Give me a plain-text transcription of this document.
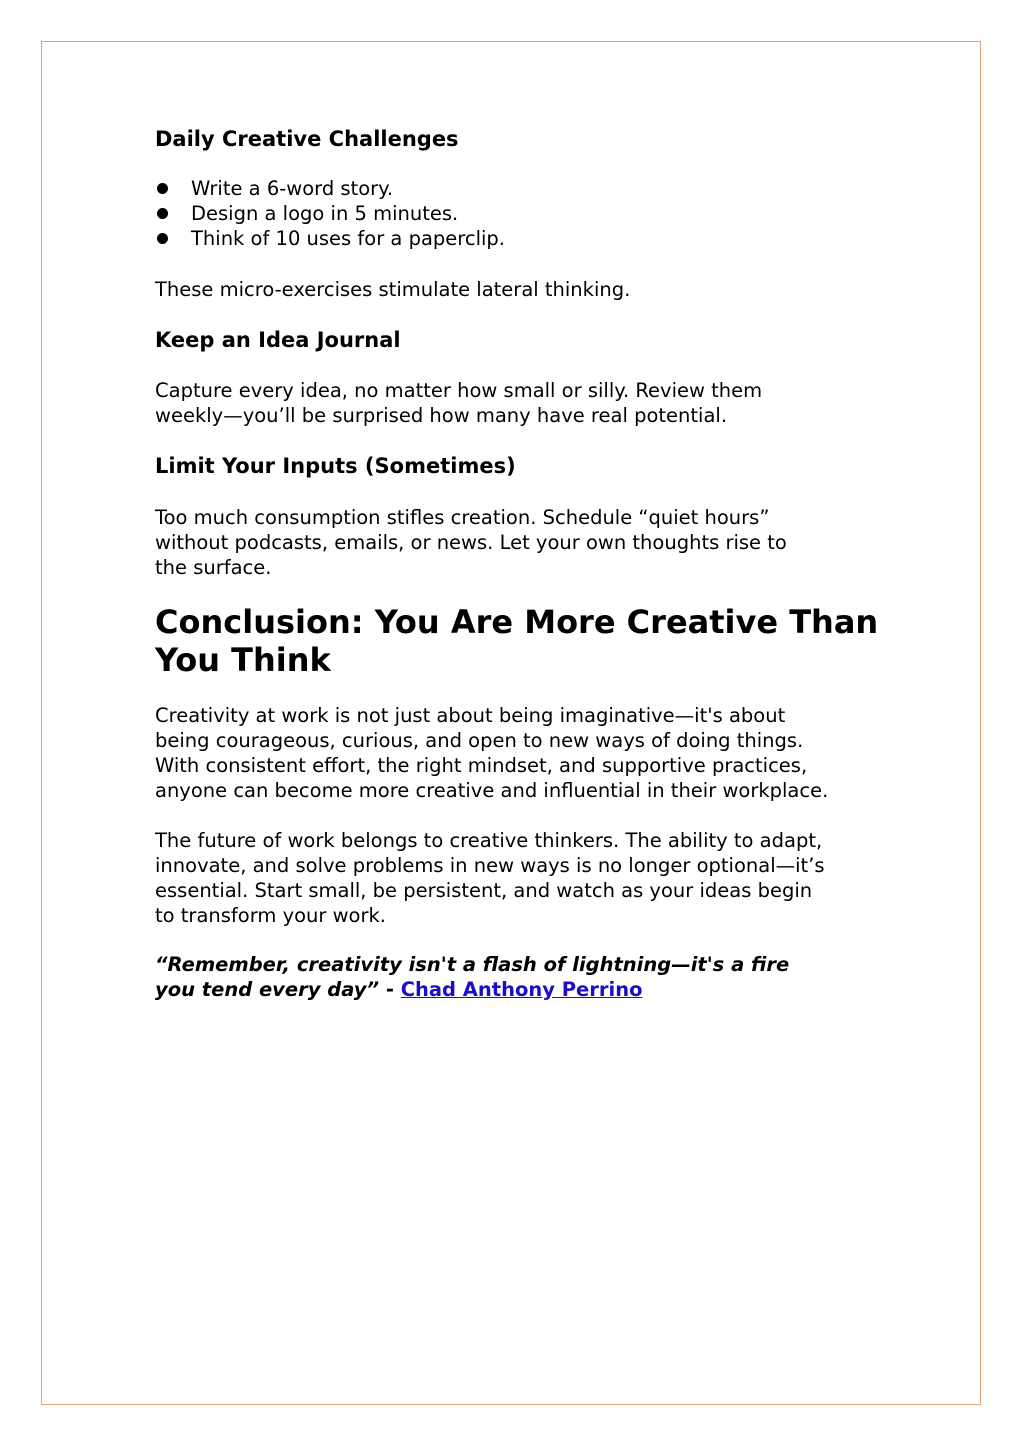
Daily Creative Challenges
Write a 6-word story.
Design a logo in 5 minutes.
Think of 10 uses for a paperclip.

These micro-exercises stimulate lateral thinking.

Keep an Idea Journal

Capture every idea, no matter how small or silly. Review them

weekly—you’ll be surprised how many have real potential.

Limit Your Inputs (Sometimes)

Too much consumption stifles creation. Schedule “quiet hours”

without podcasts, emails, or news. Let your own thoughts rise to

the surface.

Conclusion: You Are More Creative Than
You Think

Creativity at work is not just about being imaginative—it's about

being courageous, curious, and open to new ways of doing things.

With consistent effort, the right mindset, and supportive practices,

anyone can become more creative and influential in their workplace.

The future of work belongs to creative thinkers. The ability to adapt,

innovate, and solve problems in new ways is no longer optional—it’s

essential. Start small, be persistent, and watch as your ideas begin

to transform your work.

“Remember, creativity isn't a flash of lightning—it's a fire

you tend every day” - Chad Anthony Perrino
